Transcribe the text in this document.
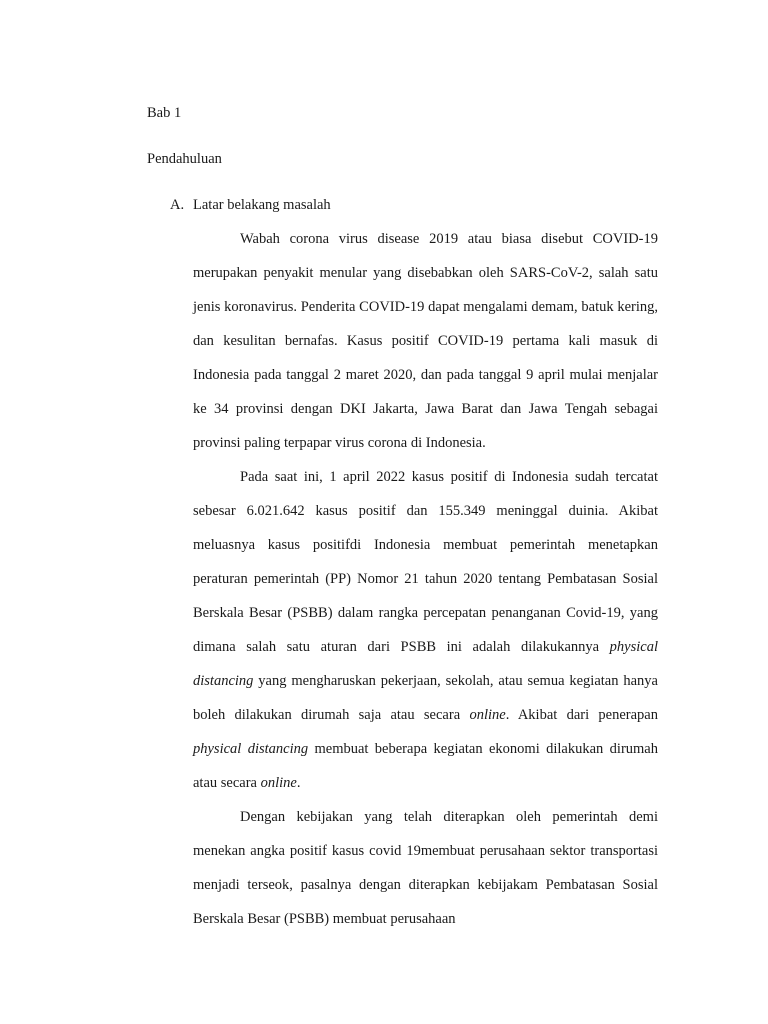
Bab 1
Pendahuluan
A. Latar belakang masalah

Wabah corona virus disease 2019 atau biasa disebut COVID-19 merupakan penyakit menular yang disebabkan oleh SARS-CoV-2, salah satu jenis koronavirus. Penderita COVID-19 dapat mengalami demam, batuk kering, dan kesulitan bernafas. Kasus positif COVID-19 pertama kali masuk di Indonesia pada tanggal 2 maret 2020, dan pada tanggal 9 april mulai menjalar ke 34 provinsi dengan DKI Jakarta, Jawa Barat dan Jawa Tengah sebagai provinsi paling terpapar virus corona di Indonesia.

Pada saat ini, 1 april 2022 kasus positif di Indonesia sudah tercatat sebesar 6.021.642 kasus positif dan 155.349 meninggal duinia. Akibat meluasnya kasus positifdi Indonesia membuat pemerintah menetapkan peraturan pemerintah (PP) Nomor 21 tahun 2020 tentang Pembatasan Sosial Berskala Besar (PSBB) dalam rangka percepatan penanganan Covid-19, yang dimana salah satu aturan dari PSBB ini adalah dilakukannya physical distancing yang mengharuskan pekerjaan, sekolah, atau semua kegiatan hanya boleh dilakukan dirumah saja atau secara online. Akibat dari penerapan physical distancing membuat beberapa kegiatan ekonomi dilakukan dirumah atau secara online.

Dengan kebijakan yang telah diterapkan oleh pemerintah demi menekan angka positif kasus covid 19membuat perusahaan sektor transportasi menjadi terseok, pasalnya dengan diterapkan kebijakam Pembatasan Sosial Berskala Besar (PSBB) membuat perusahaan
